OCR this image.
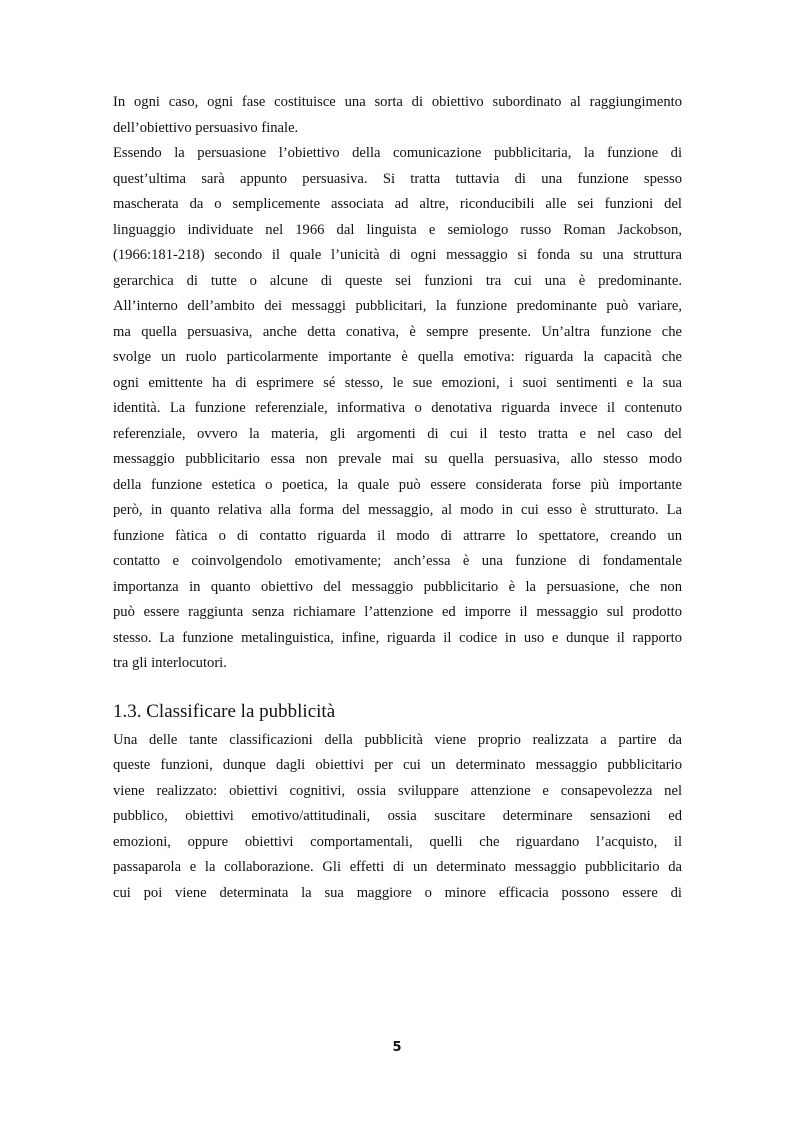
In ogni caso, ogni fase costituisce una sorta di obiettivo subordinato al raggiungimento
dell’obiettivo persuasivo finale.
Essendo la persuasione l’obiettivo della comunicazione pubblicitaria, la funzione di
quest’ultima sarà appunto persuasiva. Si tratta tuttavia di una funzione spesso
mascherata da o semplicemente associata ad altre, riconducibili alle sei funzioni del
linguaggio individuate nel 1966 dal linguista e semiologo russo Roman Jackobson,
(1966:181-218) secondo il quale l’unicità di ogni messaggio si fonda su una struttura
gerarchica di tutte o alcune di queste sei funzioni tra cui una è predominante.
All’interno dell’ambito dei messaggi pubblicitari, la funzione predominante può variare,
ma quella persuasiva, anche detta conativa, è sempre presente. Un’altra funzione che
svolge un ruolo particolarmente importante è quella emotiva: riguarda la capacità che
ogni emittente ha di esprimere sé stesso, le sue emozioni, i suoi sentimenti e la sua
identità. La funzione referenziale, informativa o denotativa riguarda invece il contenuto
referenziale, ovvero la materia, gli argomenti di cui il testo tratta e nel caso del
messaggio pubblicitario essa non prevale mai su quella persuasiva, allo stesso modo
della funzione estetica o poetica, la quale può essere considerata forse più importante
però, in quanto relativa alla forma del messaggio, al modo in cui esso è strutturato. La
funzione fàtica o di contatto riguarda il modo di attrarre lo spettatore, creando un
contatto e coinvolgendolo emotivamente; anch’essa è una funzione di fondamentale
importanza in quanto obiettivo del messaggio pubblicitario è la persuasione, che non
può essere raggiunta senza richiamare l’attenzione ed imporre il messaggio sul prodotto
stesso. La funzione metalinguistica, infine, riguarda il codice in uso e dunque il rapporto
tra gli interlocutori.
1.3. Classificare la pubblicità
Una delle tante classificazioni della pubblicità viene proprio realizzata a partire da
queste funzioni, dunque dagli obiettivi per cui un determinato messaggio pubblicitario
viene realizzato: obiettivi cognitivi, ossia sviluppare attenzione e consapevolezza nel
pubblico, obiettivi emotivo/attitudinali, ossia suscitare determinare sensazioni ed
emozioni, oppure obiettivi comportamentali, quelli che riguardano l’acquisto, il
passaparola e la collaborazione. Gli effetti di un determinato messaggio pubblicitario da
cui poi viene determinata la sua maggiore o minore efficacia possono essere di
5
